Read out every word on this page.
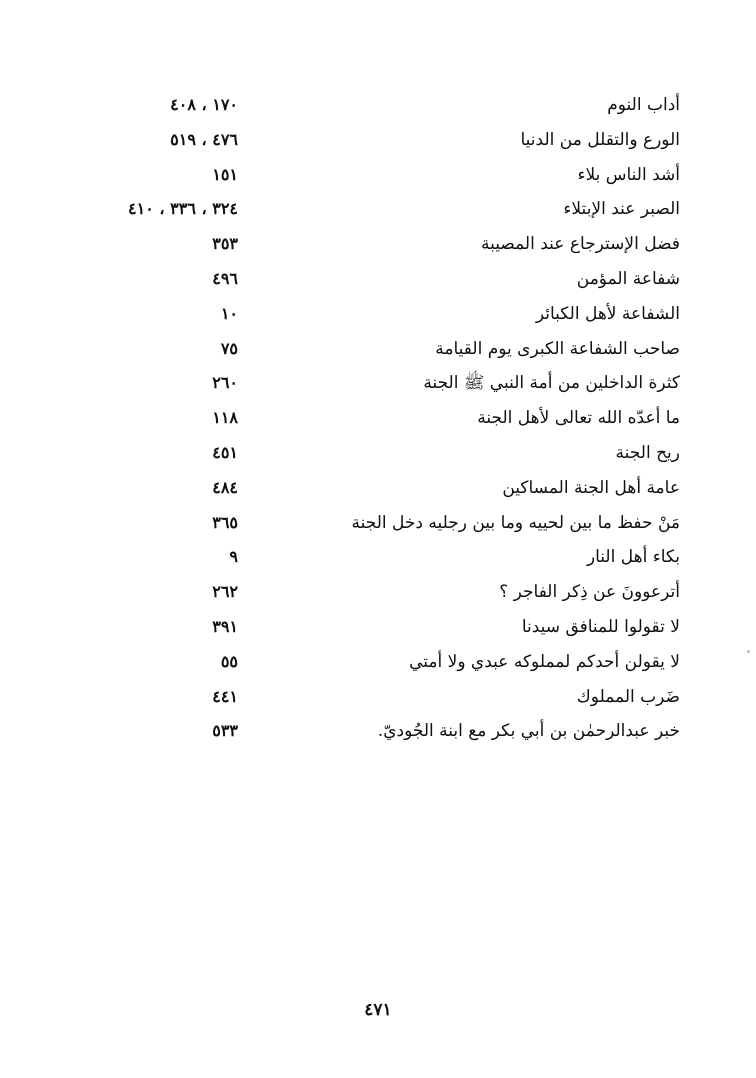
أداب النوم
١٧٠ ، ٤٠٨
الورع والتقلل من الدنيا
٤٧٦ ، ٥١٩
أشد الناس بلاء
١٥١
الصبر عند الإبتلاء
٣٢٤ ، ٣٣٦ ، ٤١٠
فضل الإسترجاع عند المصيبة
٣٥٣
شفاعة المؤمن
٤٩٦
الشفاعة لأهل الكبائر
١٠
صاحب الشفاعة الكبرى يوم القيامة
٧٥
كثرة الداخلين من أمة النبي ﷺ الجنة
٢٦٠
ما أعدّه الله تعالى لأهل الجنة
١١٨
ريح الجنة
٤٥١
عامة أهل الجنة المساكين
٤٨٤
مَنْ حفظ ما بين لحييه وما بين رجليه دخل الجنة
٣٦٥
بكاء أهل النار
٩
أترعوونَ عن ذِكر الفاجر ؟
٢٦٢
لا تقولوا للمنافق سيدنا
٣٩١
لا يقولن أحدكم لمملوكه عبدي ولا أمتي
٥٥
ضَرب المملوك
٤٤١
خبر عبدالرحمٰن بن أبي بكر مع ابنة الجُوديّ.
٥٣٣
٤٧١
